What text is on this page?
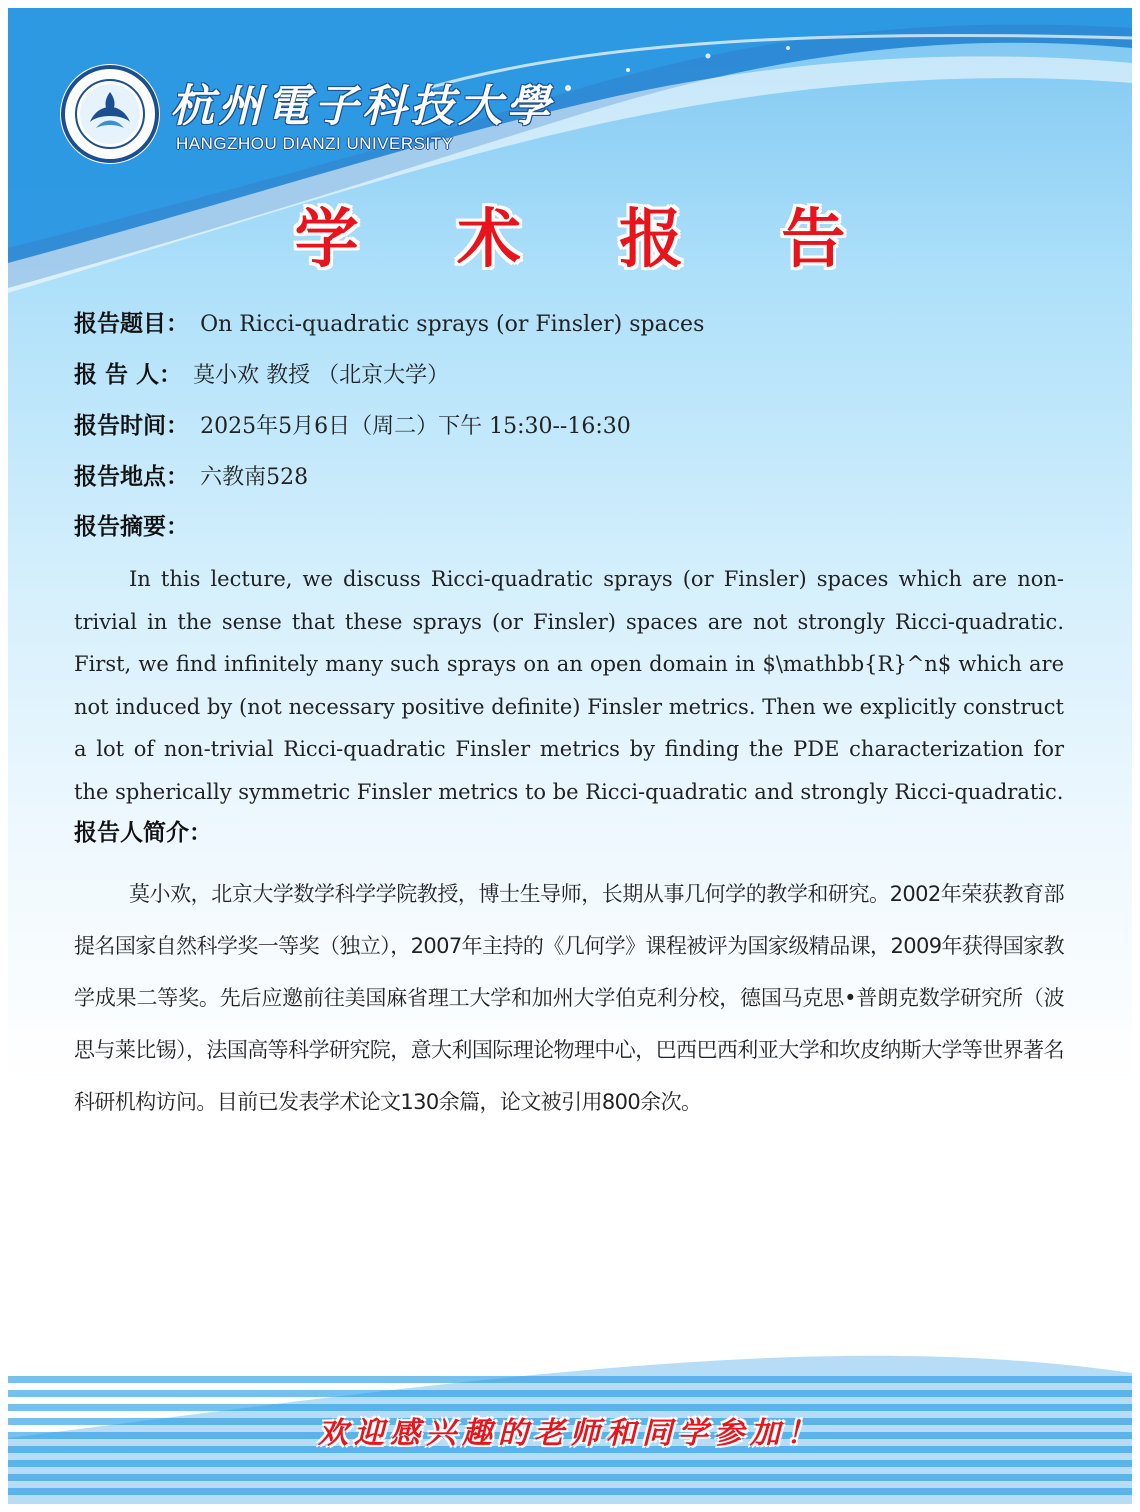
杭州電子科技大學
HANGZHOU DIANZI UNIVERSITY
学 术 报 告
报告题目： On Ricci-quadratic sprays (or Finsler) spaces
报 告 人： 莫小欢 教授 （北京大学）
报告时间： 2025年5月6日（周二）下午 15:30--16:30
报告地点： 六教南528
报告摘要：

In this lecture, we discuss Ricci-quadratic sprays (or Finsler) spaces which are non-trivial in the sense that these sprays (or Finsler) spaces are not strongly Ricci-quadratic. First, we find infinitely many such sprays on an open domain in $\mathbb{R}^n$ which are not induced by (not necessary positive definite) Finsler metrics. Then we explicitly construct a lot of non-trivial Ricci-quadratic Finsler metrics by finding the PDE characterization for the spherically symmetric Finsler metrics to be Ricci-quadratic and strongly Ricci-quadratic.

报告人简介：

莫小欢，北京大学数学科学学院教授，博士生导师，长期从事几何学的教学和研究。2002年荣获教育部提名国家自然科学奖一等奖（独立），2007年主持的《几何学》课程被评为国家级精品课，2009年获得国家教学成果二等奖。先后应邀前往美国麻省理工大学和加州大学伯克利分校，德国马克思•普朗克数学研究所（波思与莱比锡），法国高等科学研究院，意大利国际理论物理中心，巴西巴西利亚大学和坎皮纳斯大学等世界著名科研机构访问。目前已发表学术论文130余篇，论文被引用800余次。

欢迎感兴趣的老师和同学参加！
